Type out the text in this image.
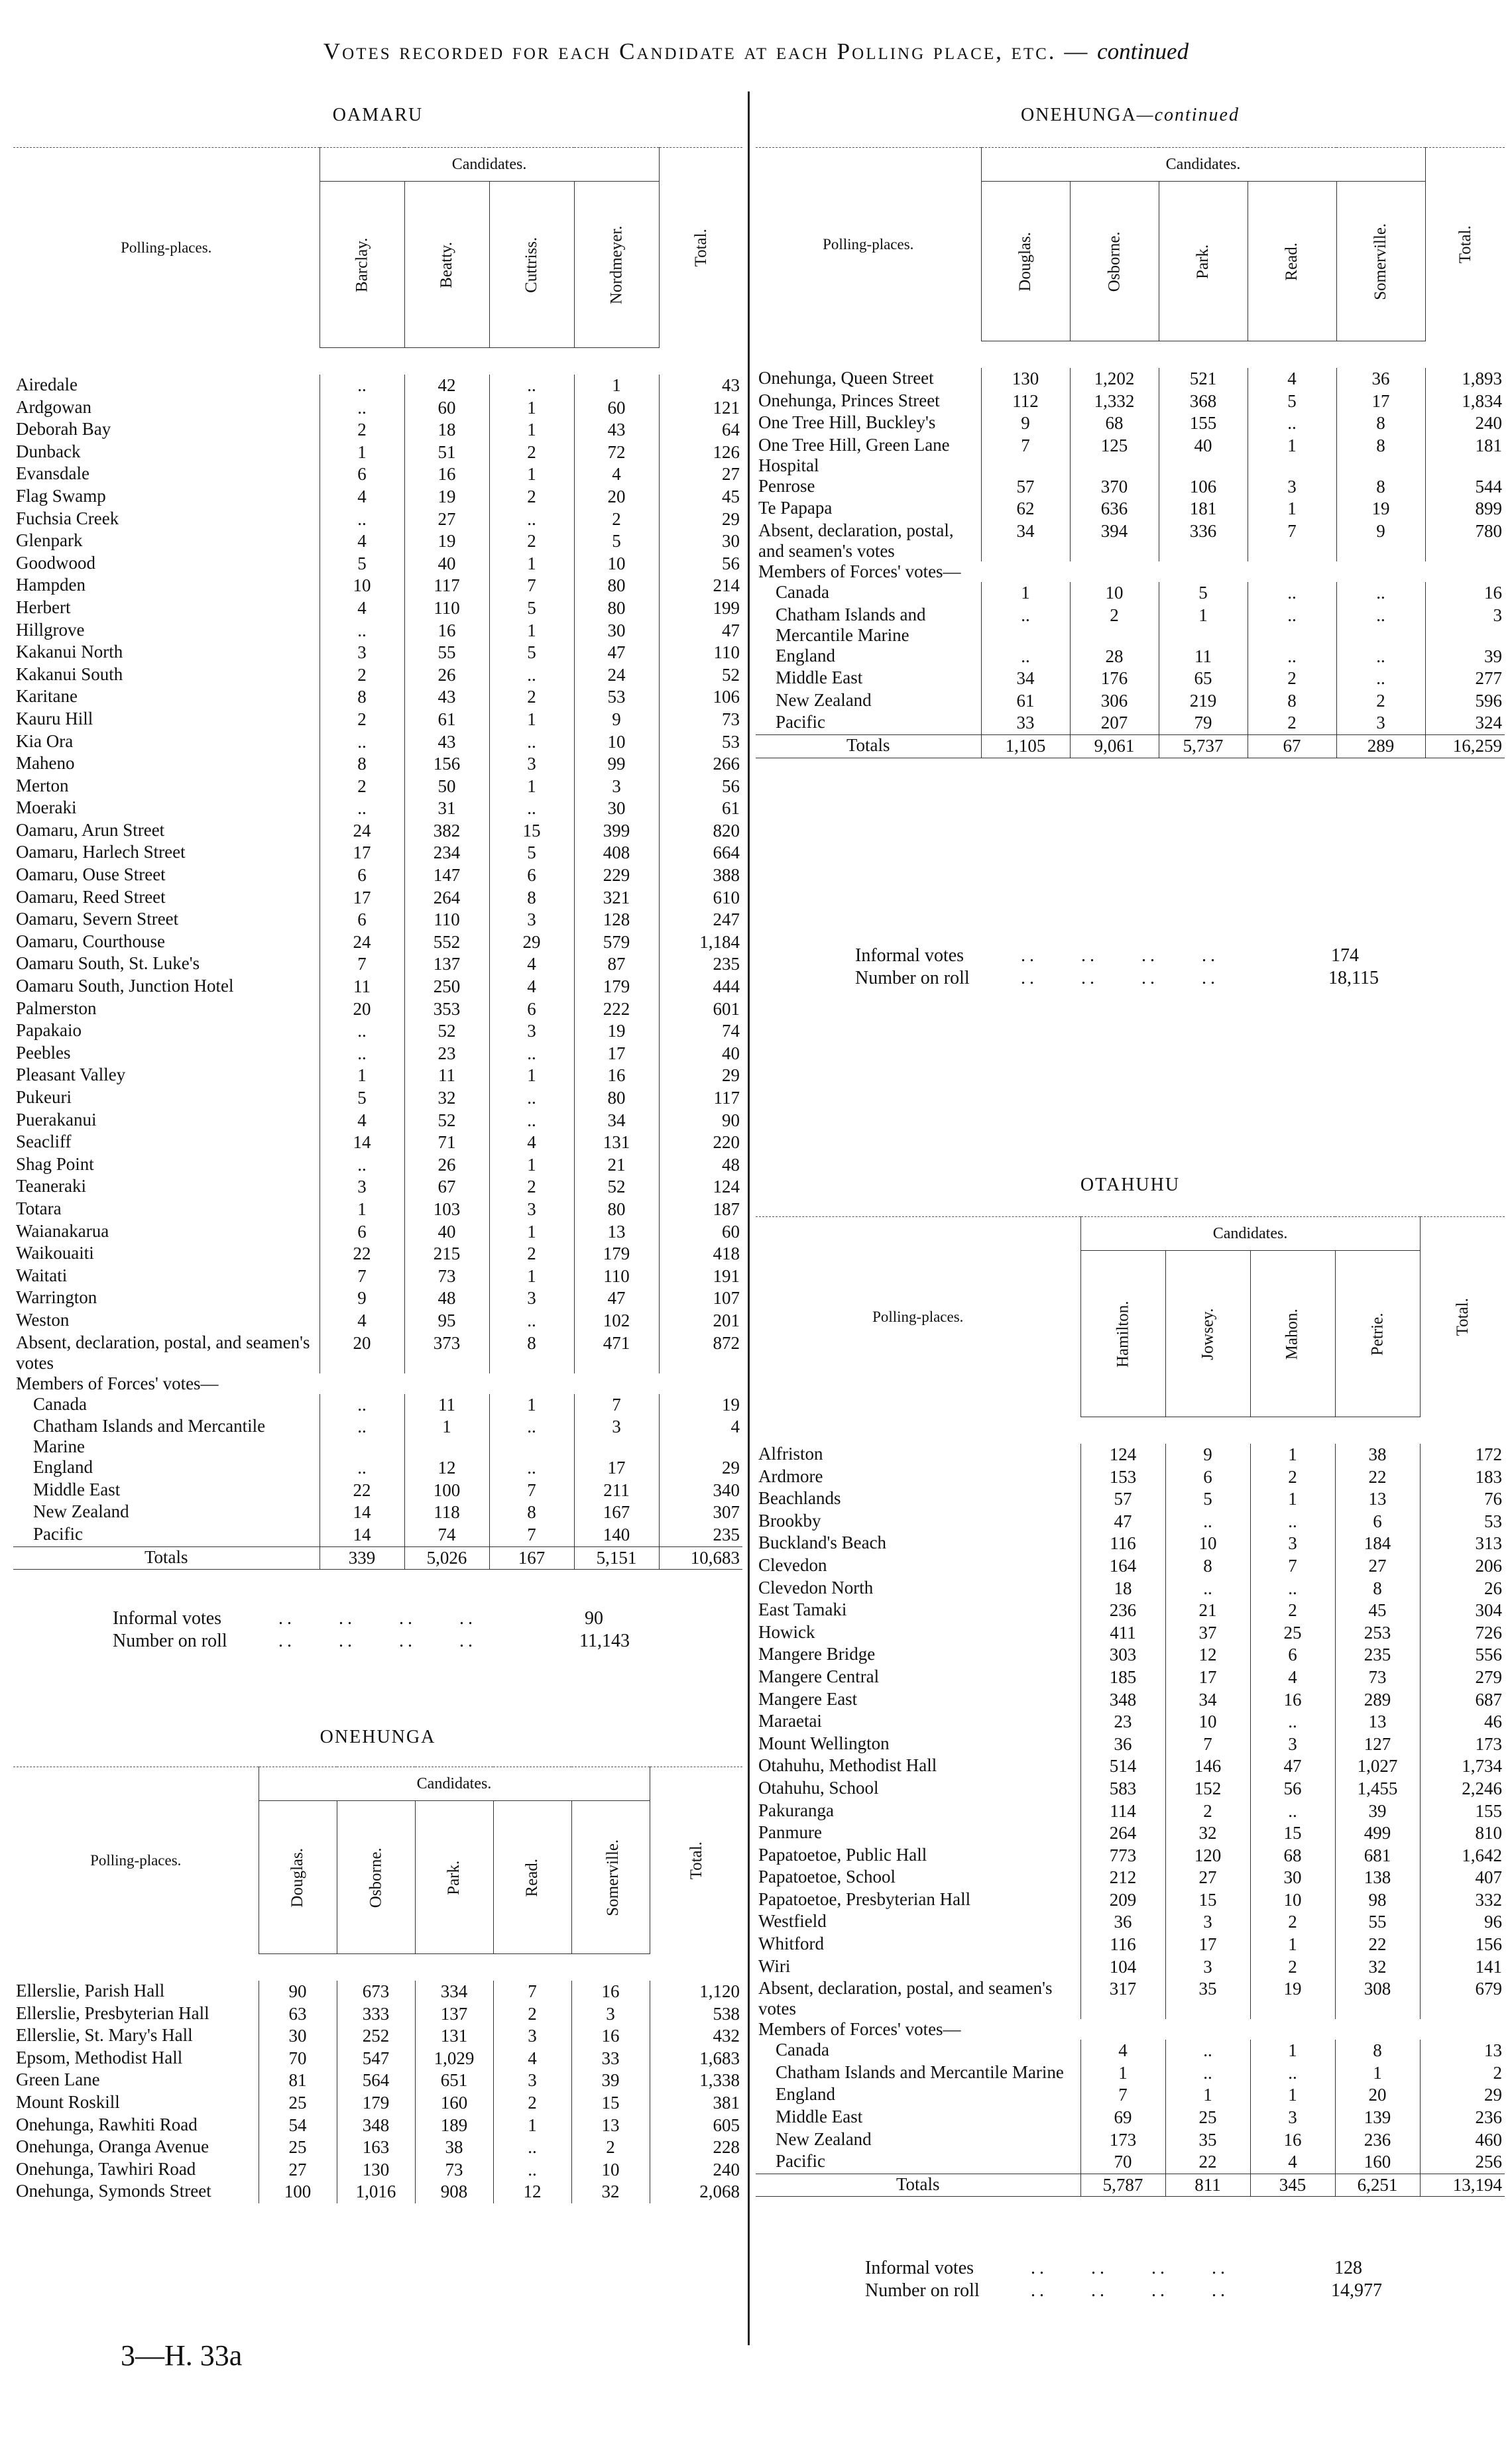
Votes recorded for each Candidate at each Polling place, etc. — continued
OAMARU
Polling-places.	Candidates.				Total.
	Barclay.	Beatty.	Cuttriss.	Nordmeyer.	

Airedale	..	42	..	1	43
Ardgowan	..	60	1	60	121
Deborah Bay	2	18	1	43	64
Dunback	1	51	2	72	126
Evansdale	6	16	1	4	27
Flag Swamp	4	19	2	20	45
Fuchsia Creek	..	27	..	2	29
Glenpark	4	19	2	5	30
Goodwood	5	40	1	10	56
Hampden	10	117	7	80	214
Herbert	4	110	5	80	199
Hillgrove	..	16	1	30	47
Kakanui North	3	55	5	47	110
Kakanui South	2	26	..	24	52
Karitane	8	43	2	53	106
Kauru Hill	2	61	1	9	73
Kia Ora	..	43	..	10	53
Maheno	8	156	3	99	266
Merton	2	50	1	3	56
Moeraki	..	31	..	30	61
Oamaru, Arun Street	24	382	15	399	820
Oamaru, Harlech Street	17	234	5	408	664
Oamaru, Ouse Street	6	147	6	229	388
Oamaru, Reed Street	17	264	8	321	610
Oamaru, Severn Street	6	110	3	128	247
Oamaru, Courthouse	24	552	29	579	1,184
Oamaru South, St. Luke's	7	137	4	87	235
Oamaru South, Junction Hotel	11	250	4	179	444
Palmerston	20	353	6	222	601
Papakaio	..	52	3	19	74
Peebles	..	23	..	17	40
Pleasant Valley	1	11	1	16	29
Pukeuri	5	32	..	80	117
Puerakanui	4	52	..	34	90
Seacliff	14	71	4	131	220
Shag Point	..	26	1	21	48
Teaneraki	3	67	2	52	124
Totara	1	103	3	80	187
Waianakarua	6	40	1	13	60
Waikouaiti	22	215	2	179	418
Waitati	7	73	1	110	191
Warrington	9	48	3	47	107
Weston	4	95	..	102	201
Absent, declaration, postal, and seamen's votes	20	373	8	471	872
Members of Forces' votes—					
Canada	..	11	1	7	19
Chatham Islands and Mercantile Marine	..	1	..	3	4
England	..	12	..	17	29
Middle East	22	100	7	211	340
New Zealand	14	118	8	167	307
Pacific	14	74	7	140	235
Totals	339	5,026	167	5,151	10,683
ONEHUNGA
Polling-places.	Candidates.					Total.
	Douglas.	Osborne.	Park.	Read.	Somerville.	

Ellerslie, Parish Hall	90	673	334	7	16	1,120
Ellerslie, Presbyterian Hall	63	333	137	2	3	538
Ellerslie, St. Mary's Hall	30	252	131	3	16	432
Epsom, Methodist Hall	70	547	1,029	4	33	1,683
Green Lane	81	564	651	3	39	1,338
Mount Roskill	25	179	160	2	15	381
Onehunga, Rawhiti Road	54	348	189	1	13	605
Onehunga, Oranga Avenue	25	163	38	..	2	228
Onehunga, Tawhiri Road	27	130	73	..	10	240
Onehunga, Symonds Street	100	1,016	908	12	32	2,068
ONEHUNGA—continued
Polling-places.	Candidates.					Total.
	Douglas.	Osborne.	Park.	Read.	Somerville.	

Onehunga, Queen Street	130	1,202	521	4	36	1,893
Onehunga, Princes Street	112	1,332	368	5	17	1,834
One Tree Hill, Buckley's	9	68	155	..	8	240
One Tree Hill, Green Lane Hospital	7	125	40	1	8	181
Penrose	57	370	106	3	8	544
Te Papapa	62	636	181	1	19	899
Absent, declaration, postal, and seamen's votes	34	394	336	7	9	780
Members of Forces' votes—						
Canada	1	10	5	..	..	16
Chatham Islands and Mercantile Marine	..	2	1	..	..	3
England	..	28	11	..	..	39
Middle East	34	176	65	2	..	277
New Zealand	61	306	219	8	2	596
Pacific	33	207	79	2	3	324
Totals	1,105	9,061	5,737	67	289	16,259
OTAHUHU
Polling-places.	Candidates.				Total.
	Hamilton.	Jowsey.	Mahon.	Petrie.	

Alfriston	124	9	1	38	172
Ardmore	153	6	2	22	183
Beachlands	57	5	1	13	76
Brookby	47	..	..	6	53
Buckland's Beach	116	10	3	184	313
Clevedon	164	8	7	27	206
Clevedon North	18	..	..	8	26
East Tamaki	236	21	2	45	304
Howick	411	37	25	253	726
Mangere Bridge	303	12	6	235	556
Mangere Central	185	17	4	73	279
Mangere East	348	34	16	289	687
Maraetai	23	10	..	13	46
Mount Wellington	36	7	3	127	173
Otahuhu, Methodist Hall	514	146	47	1,027	1,734
Otahuhu, School	583	152	56	1,455	2,246
Pakuranga	114	2	..	39	155
Panmure	264	32	15	499	810
Papatoetoe, Public Hall	773	120	68	681	1,642
Papatoetoe, School	212	27	30	138	407
Papatoetoe, Presbyterian Hall	209	15	10	98	332
Westfield	36	3	2	55	96
Whitford	116	17	1	22	156
Wiri	104	3	2	32	141
Absent, declaration, postal, and seamen's votes	317	35	19	308	679
Members of Forces' votes—					
Canada	4	..	1	8	13
Chatham Islands and Mercantile Marine	1	..	..	1	2
England	7	1	1	20	29
Middle East	69	25	3	139	236
New Zealand	173	35	16	236	460
Pacific	70	22	4	160	256
Totals	5,787	811	345	6,251	13,194
Informal votes	..     ..     ..     ..	90
Number on roll	..     ..     ..     ..	11,143
Informal votes	..     ..     ..     ..	174
Number on roll	..     ..     ..     ..	18,115
Informal votes	..     ..     ..     ..	128
Number on roll	..     ..     ..     ..	14,977
3—H. 33a
